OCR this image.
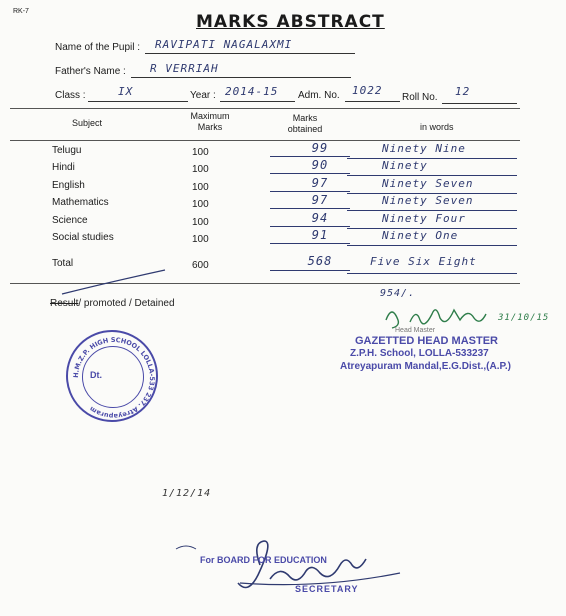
RK-7
MARKS ABSTRACT
Name of the Pupil : RAVIPATI NAGALAXMI
Father's Name : R VERRIAH
Class :	IX	Year : 2014-15 Adm. No. 1022
Roll No. 12
Subject
Maximum
Marks
Marks
obtained	in words
Telugu	100	99	Ninety Nine
Hindi	100	90	Ninety
English	100	97	Ninety Seven
Mathematics	100	97	Ninety Seven
Science	100	94	Ninety Four
Social studies	100	91	Ninety One
Total	600	568	Five Six Eight
Result/ promoted / Detained
954/.
31/10/15
Head Master
GAZETTED HEAD MASTER
Z.P.H. School, LOLLA-533237
Atreyapuram Mandal,E.G.Dist.,(A.P.)
H.M.Z.P. HIGH SCHOOL LOLLA-533 237. Atreyapuram
Dt.
1/12/14
For BOARD FOR EDUCATION
SECRETARY
